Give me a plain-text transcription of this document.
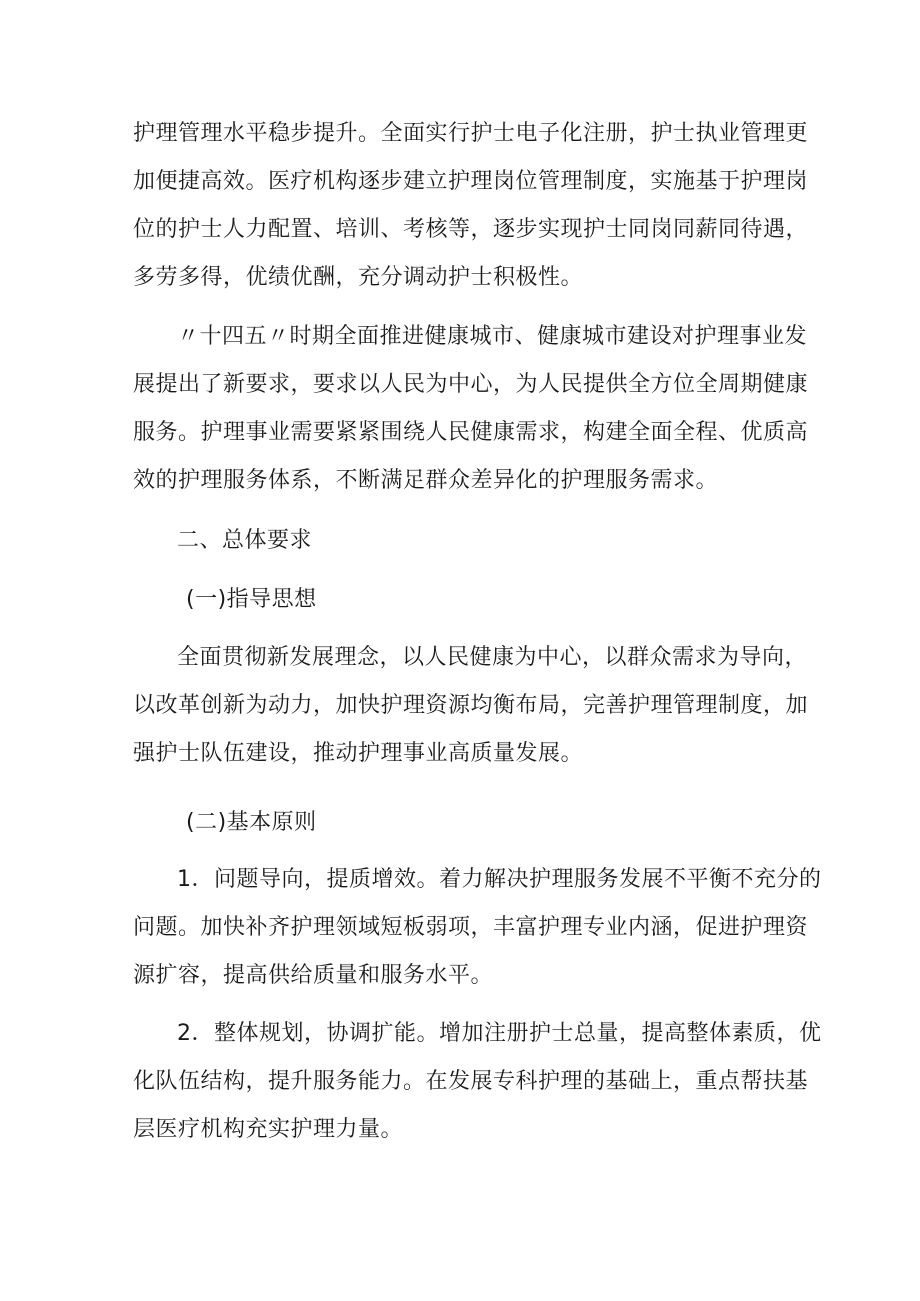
护理管理水平稳步提升。全面实行护士电子化注册，护士执业管理更
加便捷高效。医疗机构逐步建立护理岗位管理制度，实施基于护理岗
位的护士人力配置、培训、考核等，逐步实现护士同岗同薪同待遇，
多劳多得，优绩优酬，充分调动护士积极性。

〃十四五〃时期全面推进健康城市、健康城市建设对护理事业发
展提出了新要求，要求以人民为中心，为人民提供全方位全周期健康
服务。护理事业需要紧紧围绕人民健康需求，构建全面全程、优质高
效的护理服务体系，不断满足群众差异化的护理服务需求。

二、总体要求

(一)指导思想

全面贯彻新发展理念，以人民健康为中心，以群众需求为导向，
以改革创新为动力，加快护理资源均衡布局，完善护理管理制度，加
强护士队伍建设，推动护理事业高质量发展。

(二)基本原则

1．问题导向，提质增效。着力解决护理服务发展不平衡不充分的
问题。加快补齐护理领域短板弱项，丰富护理专业内涵，促进护理资
源扩容，提高供给质量和服务水平。

2．整体规划，协调扩能。增加注册护士总量，提高整体素质，优
化队伍结构，提升服务能力。在发展专科护理的基础上，重点帮扶基
层医疗机构充实护理力量。
